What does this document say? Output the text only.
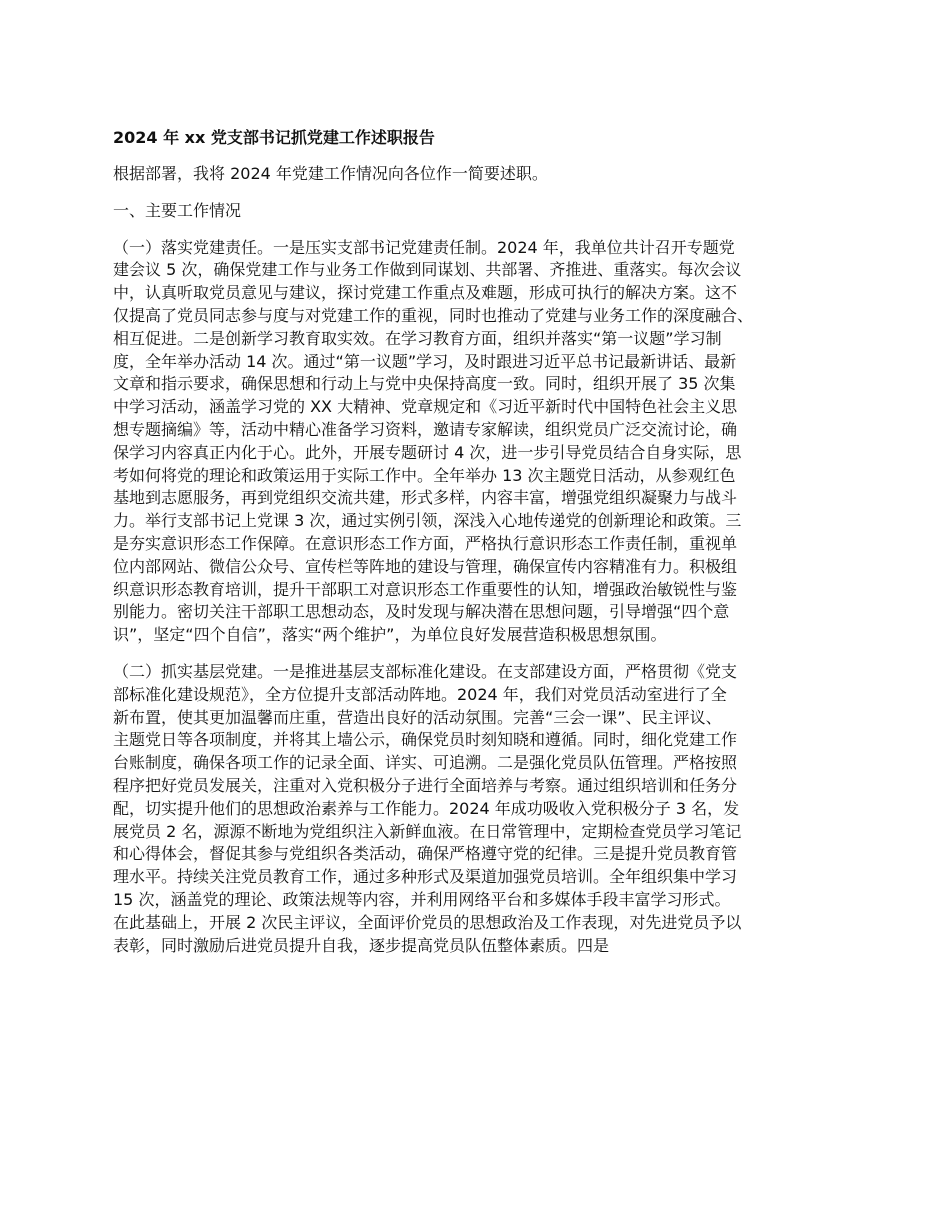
2024 年 xx 党支部书记抓党建工作述职报告
根据部署，我将 2024 年党建工作情况向各位作一简要述职。
一、主要工作情况
（一）落实党建责任。一是压实支部书记党建责任制。2024 年，我单位共计召开专题党
建会议 5 次，确保党建工作与业务工作做到同谋划、共部署、齐推进、重落实。每次会议
中，认真听取党员意见与建议，探讨党建工作重点及难题，形成可执行的解决方案。这不
仅提高了党员同志参与度与对党建工作的重视，同时也推动了党建与业务工作的深度融合、
相互促进。二是创新学习教育取实效。在学习教育方面，组织并落实“第一议题”学习制
度，全年举办活动 14 次。通过“第一议题”学习，及时跟进习近平总书记最新讲话、最新
文章和指示要求，确保思想和行动上与党中央保持高度一致。同时，组织开展了 35 次集
中学习活动，涵盖学习党的 XX 大精神、党章规定和《习近平新时代中国特色社会主义思
想专题摘编》等，活动中精心准备学习资料，邀请专家解读，组织党员广泛交流讨论，确
保学习内容真正内化于心。此外，开展专题研讨 4 次，进一步引导党员结合自身实际，思
考如何将党的理论和政策运用于实际工作中。全年举办 13 次主题党日活动，从参观红色
基地到志愿服务，再到党组织交流共建，形式多样，内容丰富，增强党组织凝聚力与战斗
力。举行支部书记上党课 3 次，通过实例引领，深浅入心地传递党的创新理论和政策。三
是夯实意识形态工作保障。在意识形态工作方面，严格执行意识形态工作责任制，重视单
位内部网站、微信公众号、宣传栏等阵地的建设与管理，确保宣传内容精准有力。积极组
织意识形态教育培训，提升干部职工对意识形态工作重要性的认知，增强政治敏锐性与鉴
别能力。密切关注干部职工思想动态，及时发现与解决潜在思想问题，引导增强“四个意
识”，坚定“四个自信”，落实“两个维护”，为单位良好发展营造积极思想氛围。
（二）抓实基层党建。一是推进基层支部标准化建设。在支部建设方面，严格贯彻《党支
部标准化建设规范》，全方位提升支部活动阵地。2024 年，我们对党员活动室进行了全
新布置，使其更加温馨而庄重，营造出良好的活动氛围。完善“三会一课”、民主评议、
主题党日等各项制度，并将其上墙公示，确保党员时刻知晓和遵循。同时，细化党建工作
台账制度，确保各项工作的记录全面、详实、可追溯。二是强化党员队伍管理。严格按照
程序把好党员发展关，注重对入党积极分子进行全面培养与考察。通过组织培训和任务分
配，切实提升他们的思想政治素养与工作能力。2024 年成功吸收入党积极分子 3 名，发
展党员 2 名，源源不断地为党组织注入新鲜血液。在日常管理中，定期检查党员学习笔记
和心得体会，督促其参与党组织各类活动，确保严格遵守党的纪律。三是提升党员教育管
理水平。持续关注党员教育工作，通过多种形式及渠道加强党员培训。全年组织集中学习
15 次，涵盖党的理论、政策法规等内容，并利用网络平台和多媒体手段丰富学习形式。
在此基础上，开展 2 次民主评议，全面评价党员的思想政治及工作表现，对先进党员予以
表彰，同时激励后进党员提升自我，逐步提高党员队伍整体素质。四是
